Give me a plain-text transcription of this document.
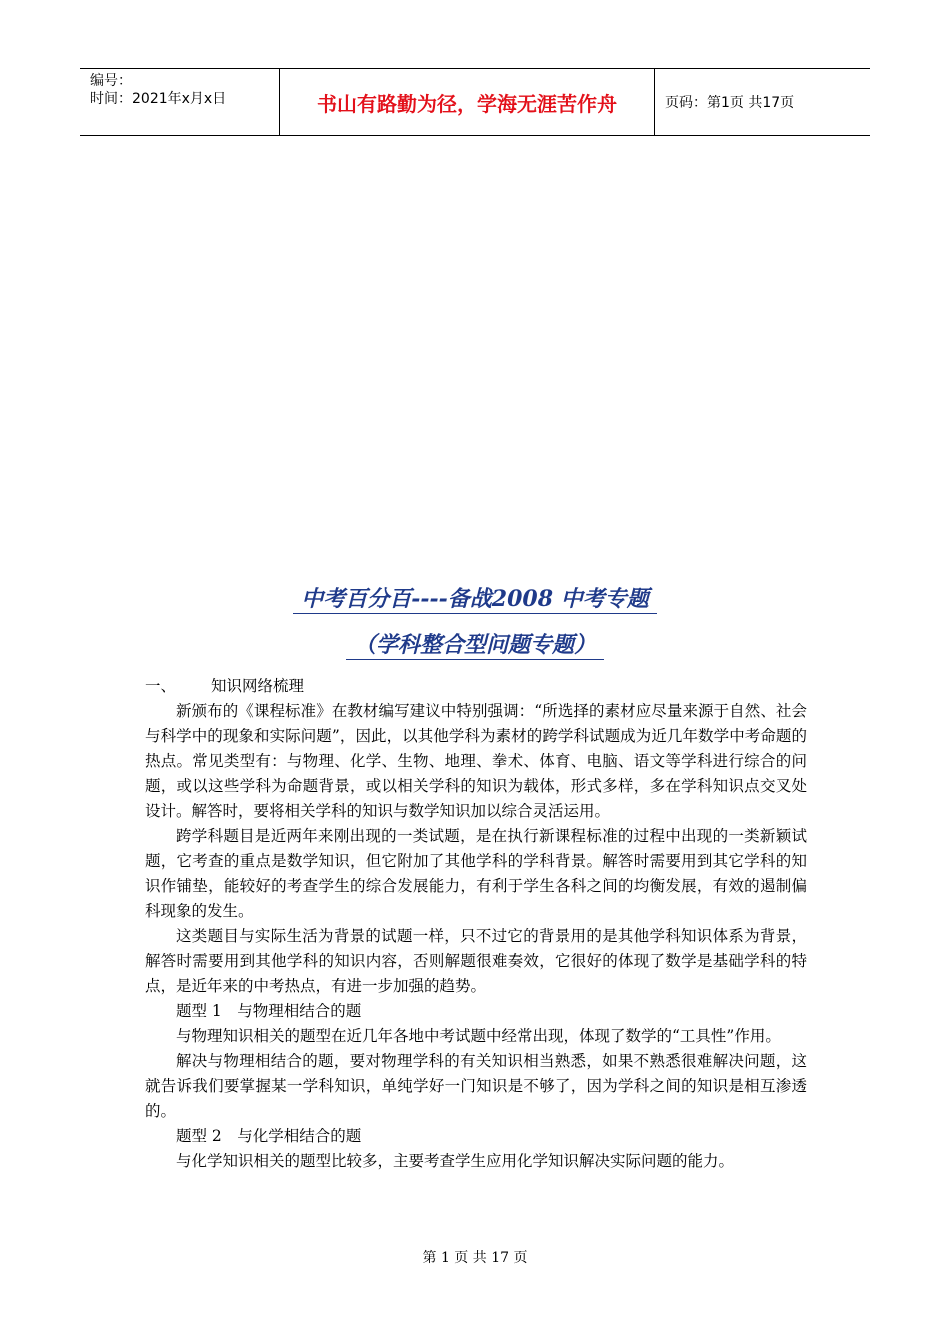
编号：
时间：2021年x月x日	书山有路勤为径，学海无涯苦作舟	页码：第1页 共17页
中考百分百----备战2008 中考专题
（学科整合型问题专题）

一、	知识网络梳理

新颁布的《课程标准》在教材编写建议中特别强调：“所选择的素材应尽量来源于自然、社会与科学中的现象和实际问题”，因此，以其他学科为素材的跨学科试题成为近几年数学中考命题的热点。常见类型有：与物理、化学、生物、地理、拳术、体育、电脑、语文等学科进行综合的问题，或以这些学科为命题背景，或以相关学科的知识为载体，形式多样，多在学科知识点交叉处设计。解答时，要将相关学科的知识与数学知识加以综合灵活运用。

跨学科题目是近两年来刚出现的一类试题，是在执行新课程标准的过程中出现的一类新颖试题，它考查的重点是数学知识，但它附加了其他学科的学科背景。解答时需要用到其它学科的知识作铺垫，能较好的考查学生的综合发展能力，有利于学生各科之间的均衡发展，有效的遏制偏科现象的发生。

这类题目与实际生活为背景的试题一样，只不过它的背景用的是其他学科知识体系为背景，解答时需要用到其他学科的知识内容，否则解题很难奏效，它很好的体现了数学是基础学科的特点，是近年来的中考热点，有进一步加强的趋势。

题型 1　与物理相结合的题

与物理知识相关的题型在近几年各地中考试题中经常出现，体现了数学的“工具性”作用。

解决与物理相结合的题，要对物理学科的有关知识相当熟悉，如果不熟悉很难解决问题，这就告诉我们要掌握某一学科知识，单纯学好一门知识是不够了，因为学科之间的知识是相互渗透的。

题型 2　与化学相结合的题

与化学知识相关的题型比较多，主要考查学生应用化学知识解决实际问题的能力。

第 1 页 共 17 页
